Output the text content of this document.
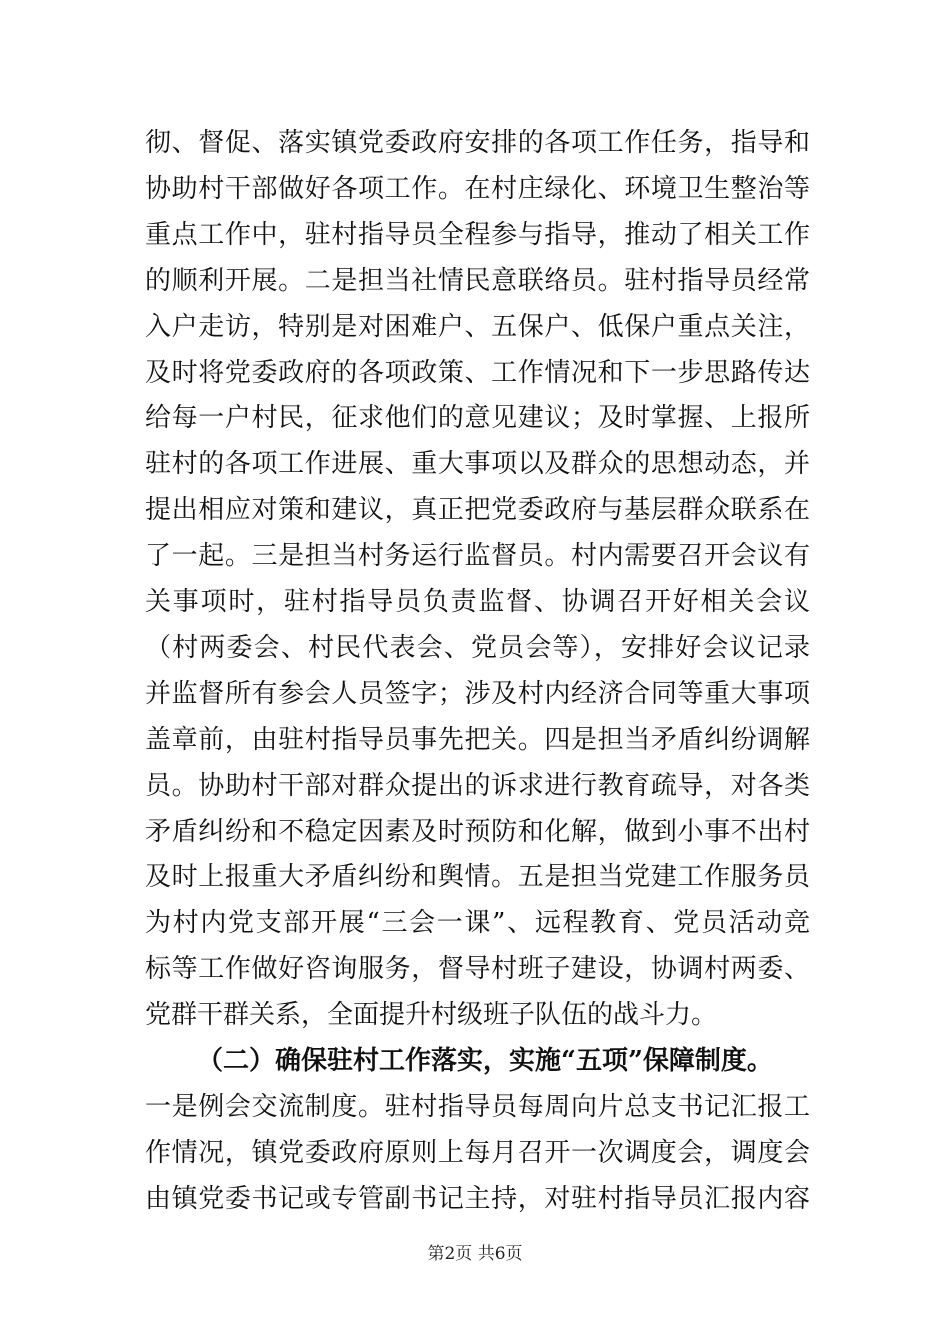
彻、督促、落实镇党委政府安排的各项工作任务，指导和
协助村干部做好各项工作。在村庄绿化、环境卫生整治等
重点工作中，驻村指导员全程参与指导，推动了相关工作
的顺利开展。二是担当社情民意联络员。驻村指导员经常
入户走访，特别是对困难户、五保户、低保户重点关注，
及时将党委政府的各项政策、工作情况和下一步思路传达
给每一户村民，征求他们的意见建议；及时掌握、上报所
驻村的各项工作进展、重大事项以及群众的思想动态，并
提出相应对策和建议，真正把党委政府与基层群众联系在
了一起。三是担当村务运行监督员。村内需要召开会议有
关事项时，驻村指导员负责监督、协调召开好相关会议
（村两委会、村民代表会、党员会等），安排好会议记录
并监督所有参会人员签字；涉及村内经济合同等重大事项
盖章前，由驻村指导员事先把关。四是担当矛盾纠纷调解
员。协助村干部对群众提出的诉求进行教育疏导，对各类
矛盾纠纷和不稳定因素及时预防和化解，做到小事不出村
及时上报重大矛盾纠纷和舆情。五是担当党建工作服务员
为村内党支部开展“三会一课”、远程教育、党员活动竞
标等工作做好咨询服务，督导村班子建设，协调村两委、
党群干群关系，全面提升村级班子队伍的战斗力。
（二）确保驻村工作落实，实施“五项”保障制度。
一是例会交流制度。驻村指导员每周向片总支书记汇报工
作情况，镇党委政府原则上每月召开一次调度会，调度会
由镇党委书记或专管副书记主持，对驻村指导员汇报内容
第2页 共6页
